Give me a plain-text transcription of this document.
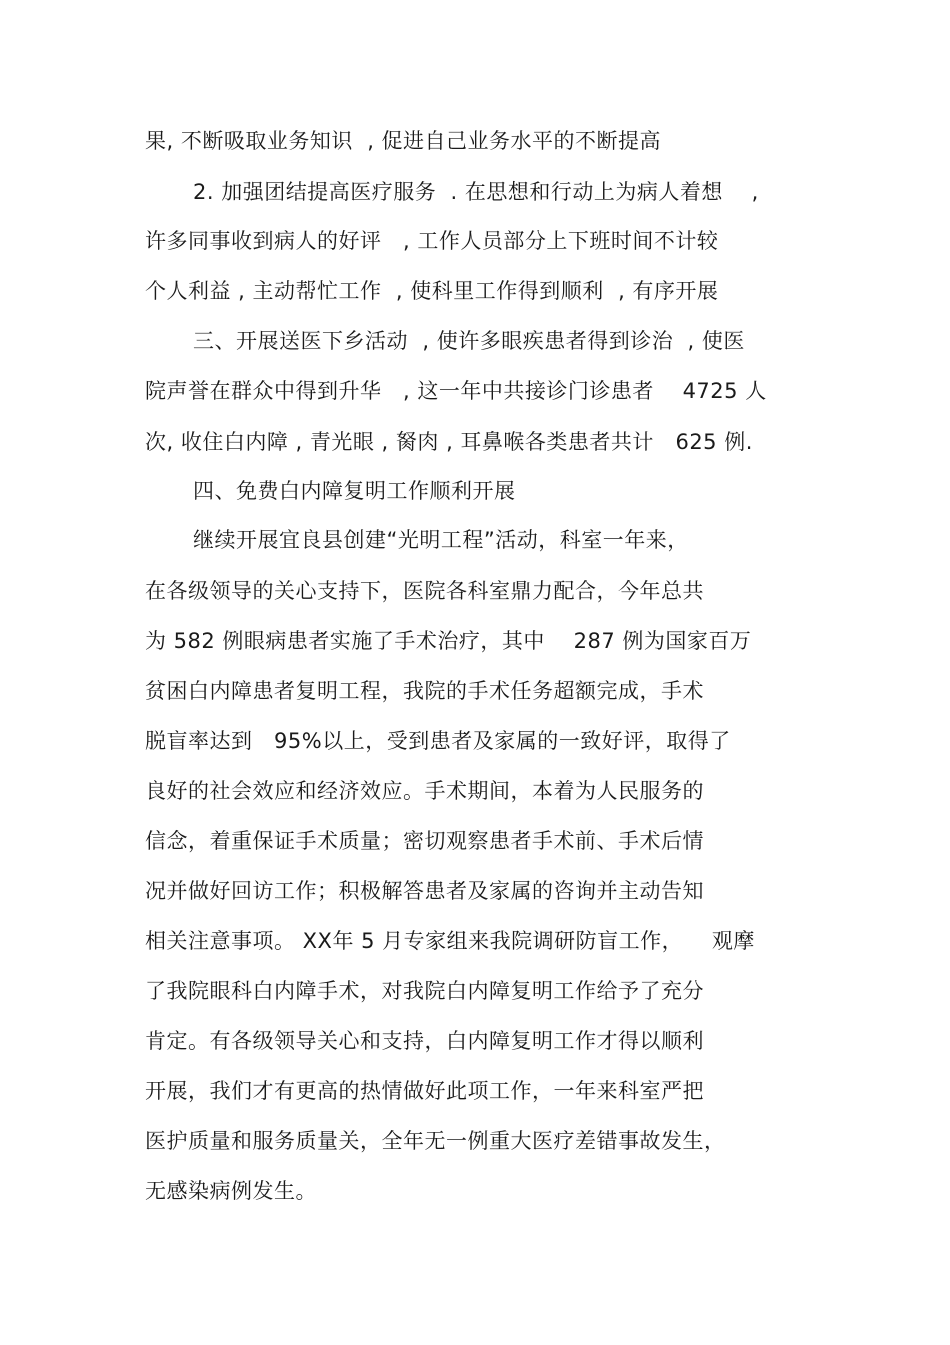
果, 不断吸取业务知识  , 促进自己业务水平的不断提高
2. 加强团结提高医疗服务  . 在思想和行动上为病人着想    ,
许多同事收到病人的好评   , 工作人员部分上下班时间不计较
个人利益 , 主动帮忙工作  , 使科里工作得到顺利  , 有序开展
三、开展送医下乡活动  , 使许多眼疾患者得到诊治  , 使医
院声誉在群众中得到升华   , 这一年中共接诊门诊患者    4725 人
次, 收住白内障 , 青光眼 , 胬肉 , 耳鼻喉各类患者共计   625 例.
四、免费白内障复明工作顺利开展
继续开展宜良县创建“光明工程”活动，科室一年来，
在各级领导的关心支持下，医院各科室鼎力配合，今年总共
为 582 例眼病患者实施了手术治疗，其中    287 例为国家百万
贫困白内障患者复明工程，我院的手术任务超额完成，手术
脱盲率达到   95%以上，受到患者及家属的一致好评，取得了
良好的社会效应和经济效应。手术期间，本着为人民服务的
信念，着重保证手术质量；密切观察患者手术前、手术后情
况并做好回访工作；积极解答患者及家属的咨询并主动告知
相关注意事项。 XX年 5 月专家组来我院调研防盲工作，    观摩
了我院眼科白内障手术，对我院白内障复明工作给予了充分
肯定。有各级领导关心和支持，白内障复明工作才得以顺利
开展，我们才有更高的热情做好此项工作，一年来科室严把
医护质量和服务质量关，全年无一例重大医疗差错事故发生，
无感染病例发生。
